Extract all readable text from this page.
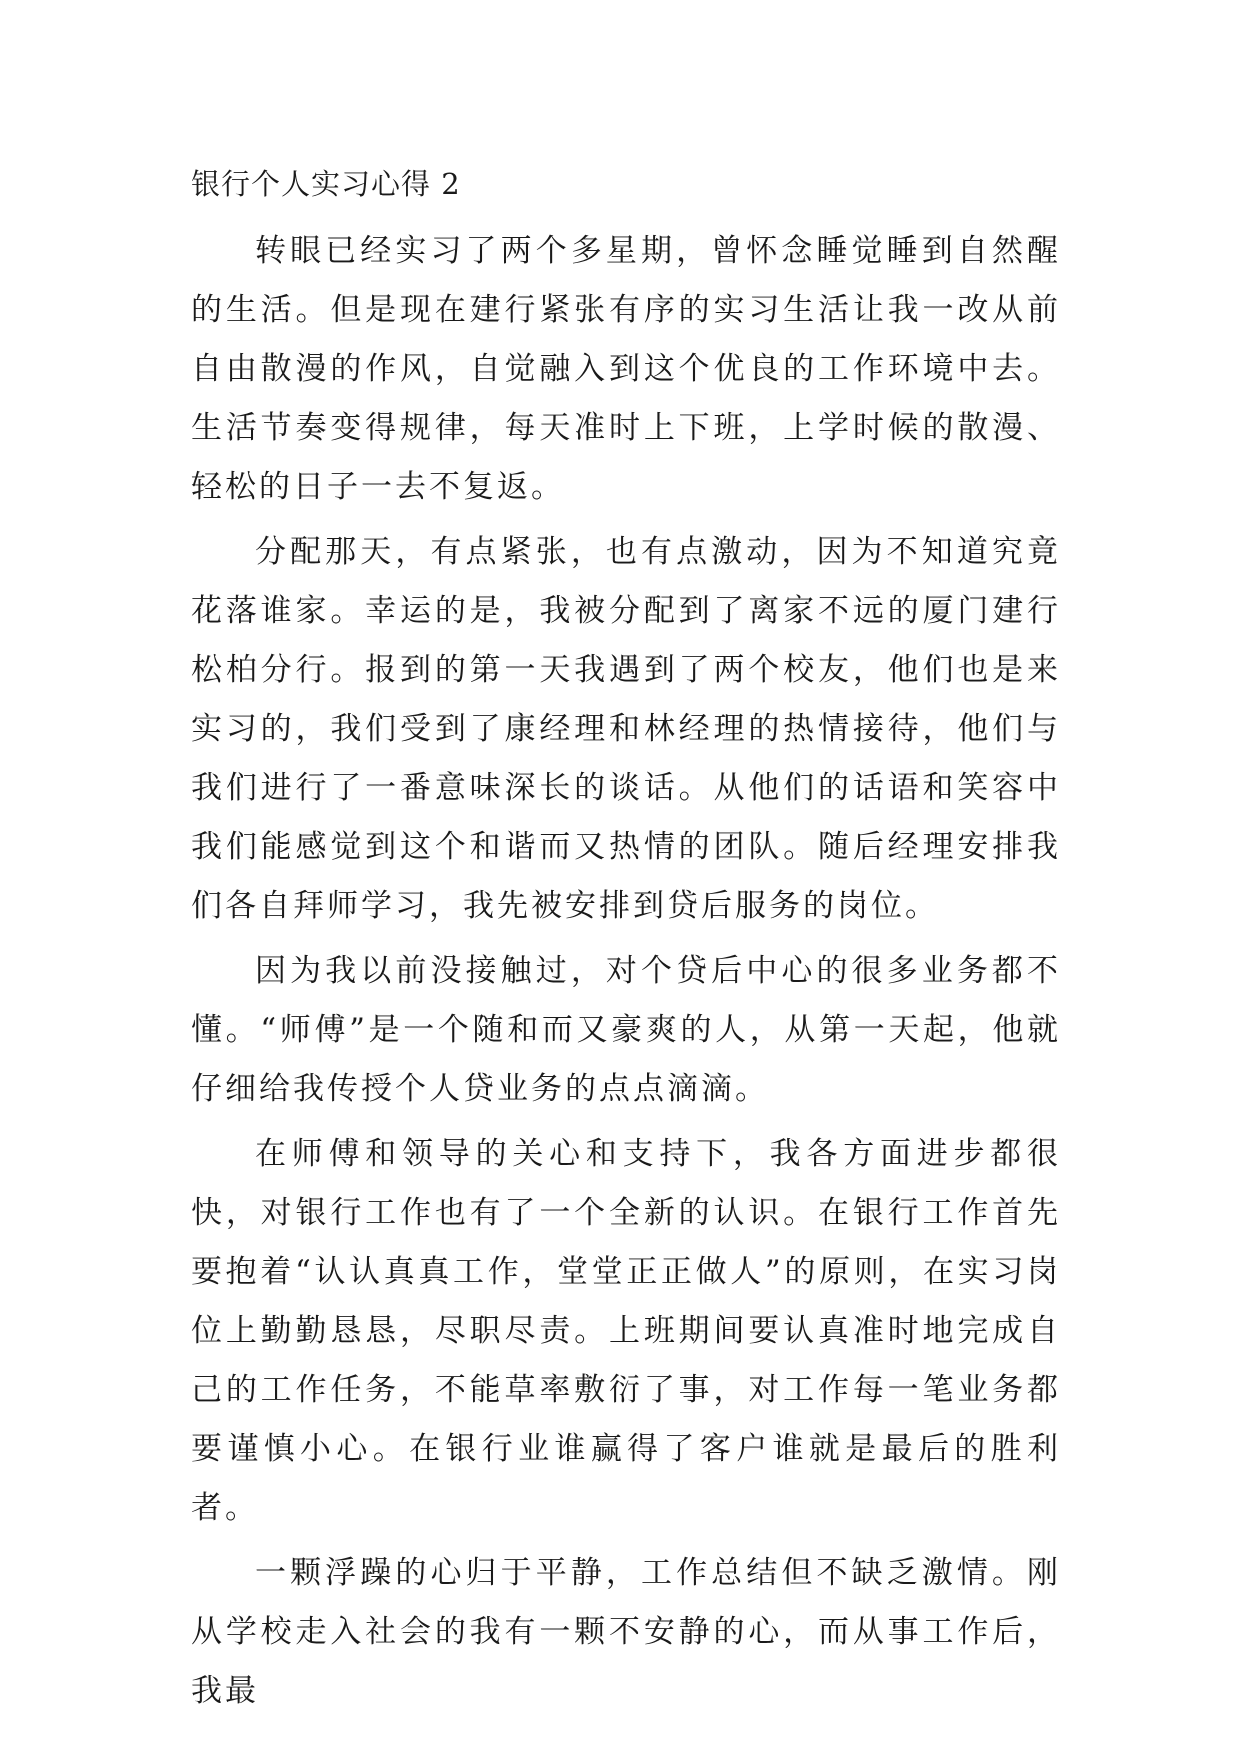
银行个人实习心得 2

转眼已经实习了两个多星期，曾怀念睡觉睡到自然醒的生活。但是现在建行紧张有序的实习生活让我一改从前自由散漫的作风，自觉融入到这个优良的工作环境中去。生活节奏变得规律，每天准时上下班，上学时候的散漫、轻松的日子一去不复返。

分配那天，有点紧张，也有点激动，因为不知道究竟花落谁家。幸运的是，我被分配到了离家不远的厦门建行松柏分行。报到的第一天我遇到了两个校友，他们也是来实习的，我们受到了康经理和林经理的热情接待，他们与我们进行了一番意味深长的谈话。从他们的话语和笑容中我们能感觉到这个和谐而又热情的团队。随后经理安排我们各自拜师学习，我先被安排到贷后服务的岗位。

因为我以前没接触过，对个贷后中心的很多业务都不懂。“师傅”是一个随和而又豪爽的人，从第一天起，他就仔细给我传授个人贷业务的点点滴滴。

在师傅和领导的关心和支持下，我各方面进步都很快，对银行工作也有了一个全新的认识。在银行工作首先要抱着“认认真真工作，堂堂正正做人”的原则，在实习岗位上勤勤恳恳，尽职尽责。上班期间要认真准时地完成自己的工作任务，不能草率敷衍了事，对工作每一笔业务都要谨慎小心。在银行业谁赢得了客户谁就是最后的胜利者。

一颗浮躁的心归于平静，工作总结但不缺乏激情。刚从学校走入社会的我有一颗不安静的心，而从事工作后，我最
